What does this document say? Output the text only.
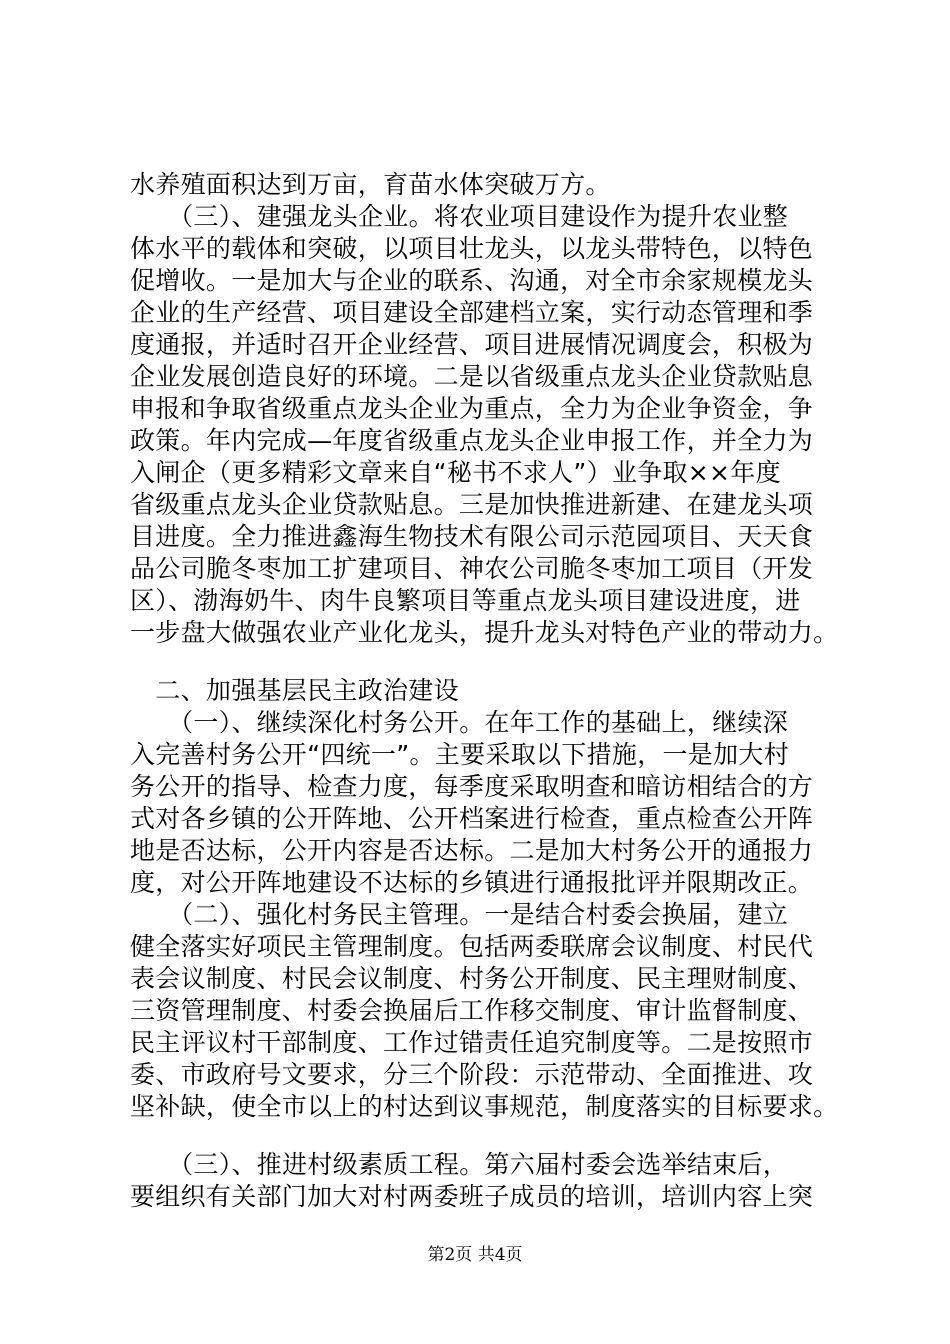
水养殖面积达到万亩，育苗水体突破万方。
　　（三）、建强龙头企业。将农业项目建设作为提升农业整
体水平的载体和突破，以项目壮龙头，以龙头带特色，以特色
促增收。一是加大与企业的联系、沟通，对全市余家规模龙头
企业的生产经营、项目建设全部建档立案，实行动态管理和季
度通报，并适时召开企业经营、项目进展情况调度会，积极为
企业发展创造良好的环境。二是以省级重点龙头企业贷款贴息
申报和争取省级重点龙头企业为重点，全力为企业争资金，争
政策。年内完成—年度省级重点龙头企业申报工作，并全力为
入闸企（更多精彩文章来自“秘书不求人”）业争取××年度
省级重点龙头企业贷款贴息。三是加快推进新建、在建龙头项
目进度。全力推进鑫海生物技术有限公司示范园项目、天天食
品公司脆冬枣加工扩建项目、神农公司脆冬枣加工项目（开发
区）、渤海奶牛、肉牛良繁项目等重点龙头项目建设进度，进
一步盘大做强农业产业化龙头，提升龙头对特色产业的带动力。
　二、加强基层民主政治建设
　　（一）、继续深化村务公开。在年工作的基础上，继续深
入完善村务公开“四统一”。主要采取以下措施，一是加大村
务公开的指导、检查力度，每季度采取明查和暗访相结合的方
式对各乡镇的公开阵地、公开档案进行检查，重点检查公开阵
地是否达标，公开内容是否达标。二是加大村务公开的通报力
度，对公开阵地建设不达标的乡镇进行通报批评并限期改正。
　　（二）、强化村务民主管理。一是结合村委会换届，建立
健全落实好项民主管理制度。包括两委联席会议制度、村民代
表会议制度、村民会议制度、村务公开制度、民主理财制度、
三资管理制度、村委会换届后工作移交制度、审计监督制度、
民主评议村干部制度、工作过错责任追究制度等。二是按照市
委、市政府号文要求，分三个阶段：示范带动、全面推进、攻
坚补缺，使全市以上的村达到议事规范，制度落实的目标要求。
　　（三）、推进村级素质工程。第六届村委会选举结束后，
要组织有关部门加大对村两委班子成员的培训，培训内容上突
第2页 共4页
